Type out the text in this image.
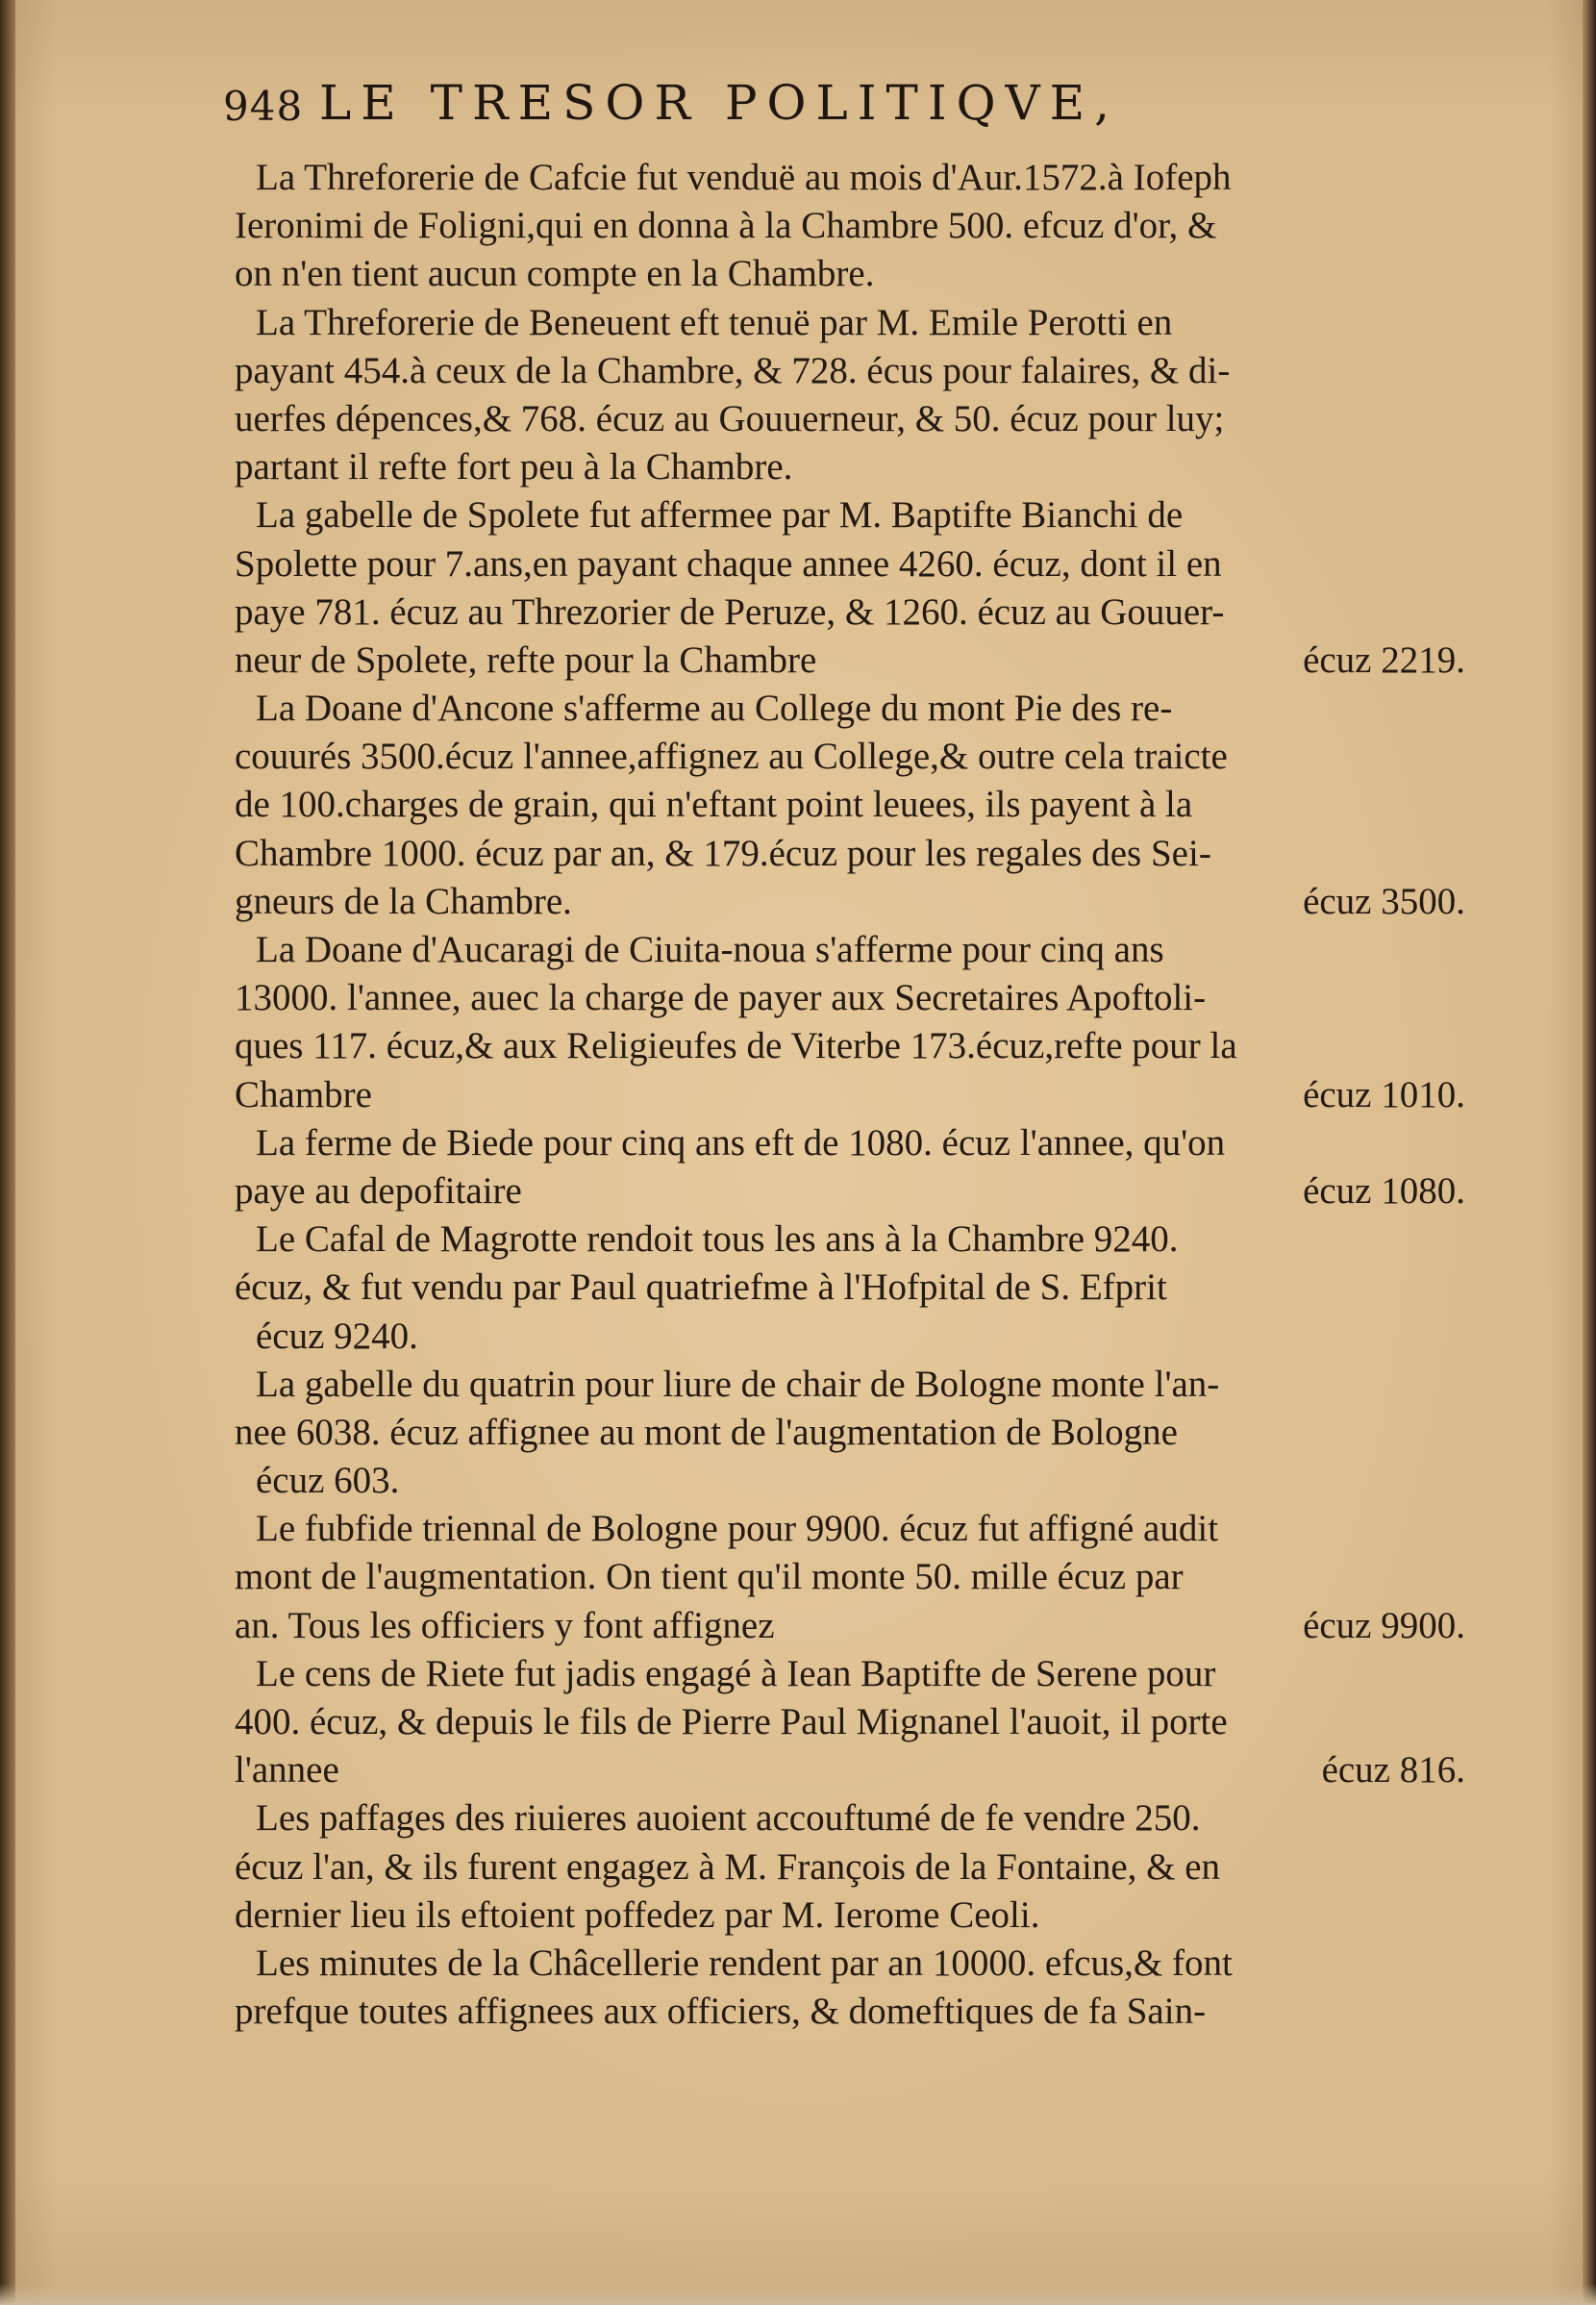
948 LE TRESOR POLITIQVE,
La Threforerie de Cafcie fut venduë au mois d'Aur.1572.à Iofeph
Ieronimi de Foligni,qui en donna à la Chambre 500. efcuz d'or, &
on n'en tient aucun compte en la Chambre.
La Threforerie de Beneuent eft tenuë par M. Emile Perotti en
payant 454.à ceux de la Chambre, & 728. écus pour falaires, & di-
uerfes dépences,& 768. écuz au Gouuerneur, & 50. écuz pour luy;
partant il refte fort peu à la Chambre.
La gabelle de Spolete fut affermee par M. Baptifte Bianchi de
Spolette pour 7.ans,en payant chaque annee 4260. écuz, dont il en
paye 781. écuz au Threzorier de Peruze, & 1260. écuz au Gouuer-
neur de Spolete, refte pour la Chambre	écuz 2219.
La Doane d'Ancone s'afferme au College du mont Pie des re-
couurés 3500.écuz l'annee,affignez au College,& outre cela traicte
de 100.charges de grain, qui n'eftant point leuees, ils payent à la
Chambre 1000. écuz par an, & 179.écuz pour les regales des Sei-
gneurs de la Chambre.	écuz 3500.
La Doane d'Aucaragi de Ciuita-noua s'afferme pour cinq ans
13000. l'annee, auec la charge de payer aux Secretaires Apoftoli-
ques 117. écuz,& aux Religieufes de Viterbe 173.écuz,refte pour la
Chambre	écuz 1010.
La ferme de Biede pour cinq ans eft de 1080. écuz l'annee, qu'on
paye au depofitaire	écuz 1080.
Le Cafal de Magrotte rendoit tous les ans à la Chambre 9240.
écuz, & fut vendu par Paul quatriefme à l'Hofpital de S. Efprit
écuz 9240.
La gabelle du quatrin pour liure de chair de Bologne monte l'an-
nee 6038. écuz affignee au mont de l'augmentation de Bologne
écuz 603.
Le fubfide triennal de Bologne pour 9900. écuz fut affigné audit
mont de l'augmentation. On tient qu'il monte 50. mille écuz par
an. Tous les officiers y font affignez	écuz 9900.
Le cens de Riete fut jadis engagé à Iean Baptifte de Serene pour
400. écuz, & depuis le fils de Pierre Paul Mignanel l'auoit, il porte
l'annee	écuz 816.
Les paffages des riuieres auoient accouftumé de fe vendre 250.
écuz l'an, & ils furent engagez à M. François de la Fontaine, & en
dernier lieu ils eftoient poffedez par M. Ierome Ceoli.
Les minutes de la Châcellerie rendent par an 10000. efcus,& font
prefque toutes affignees aux officiers, & domeftiques de fa Sain-
